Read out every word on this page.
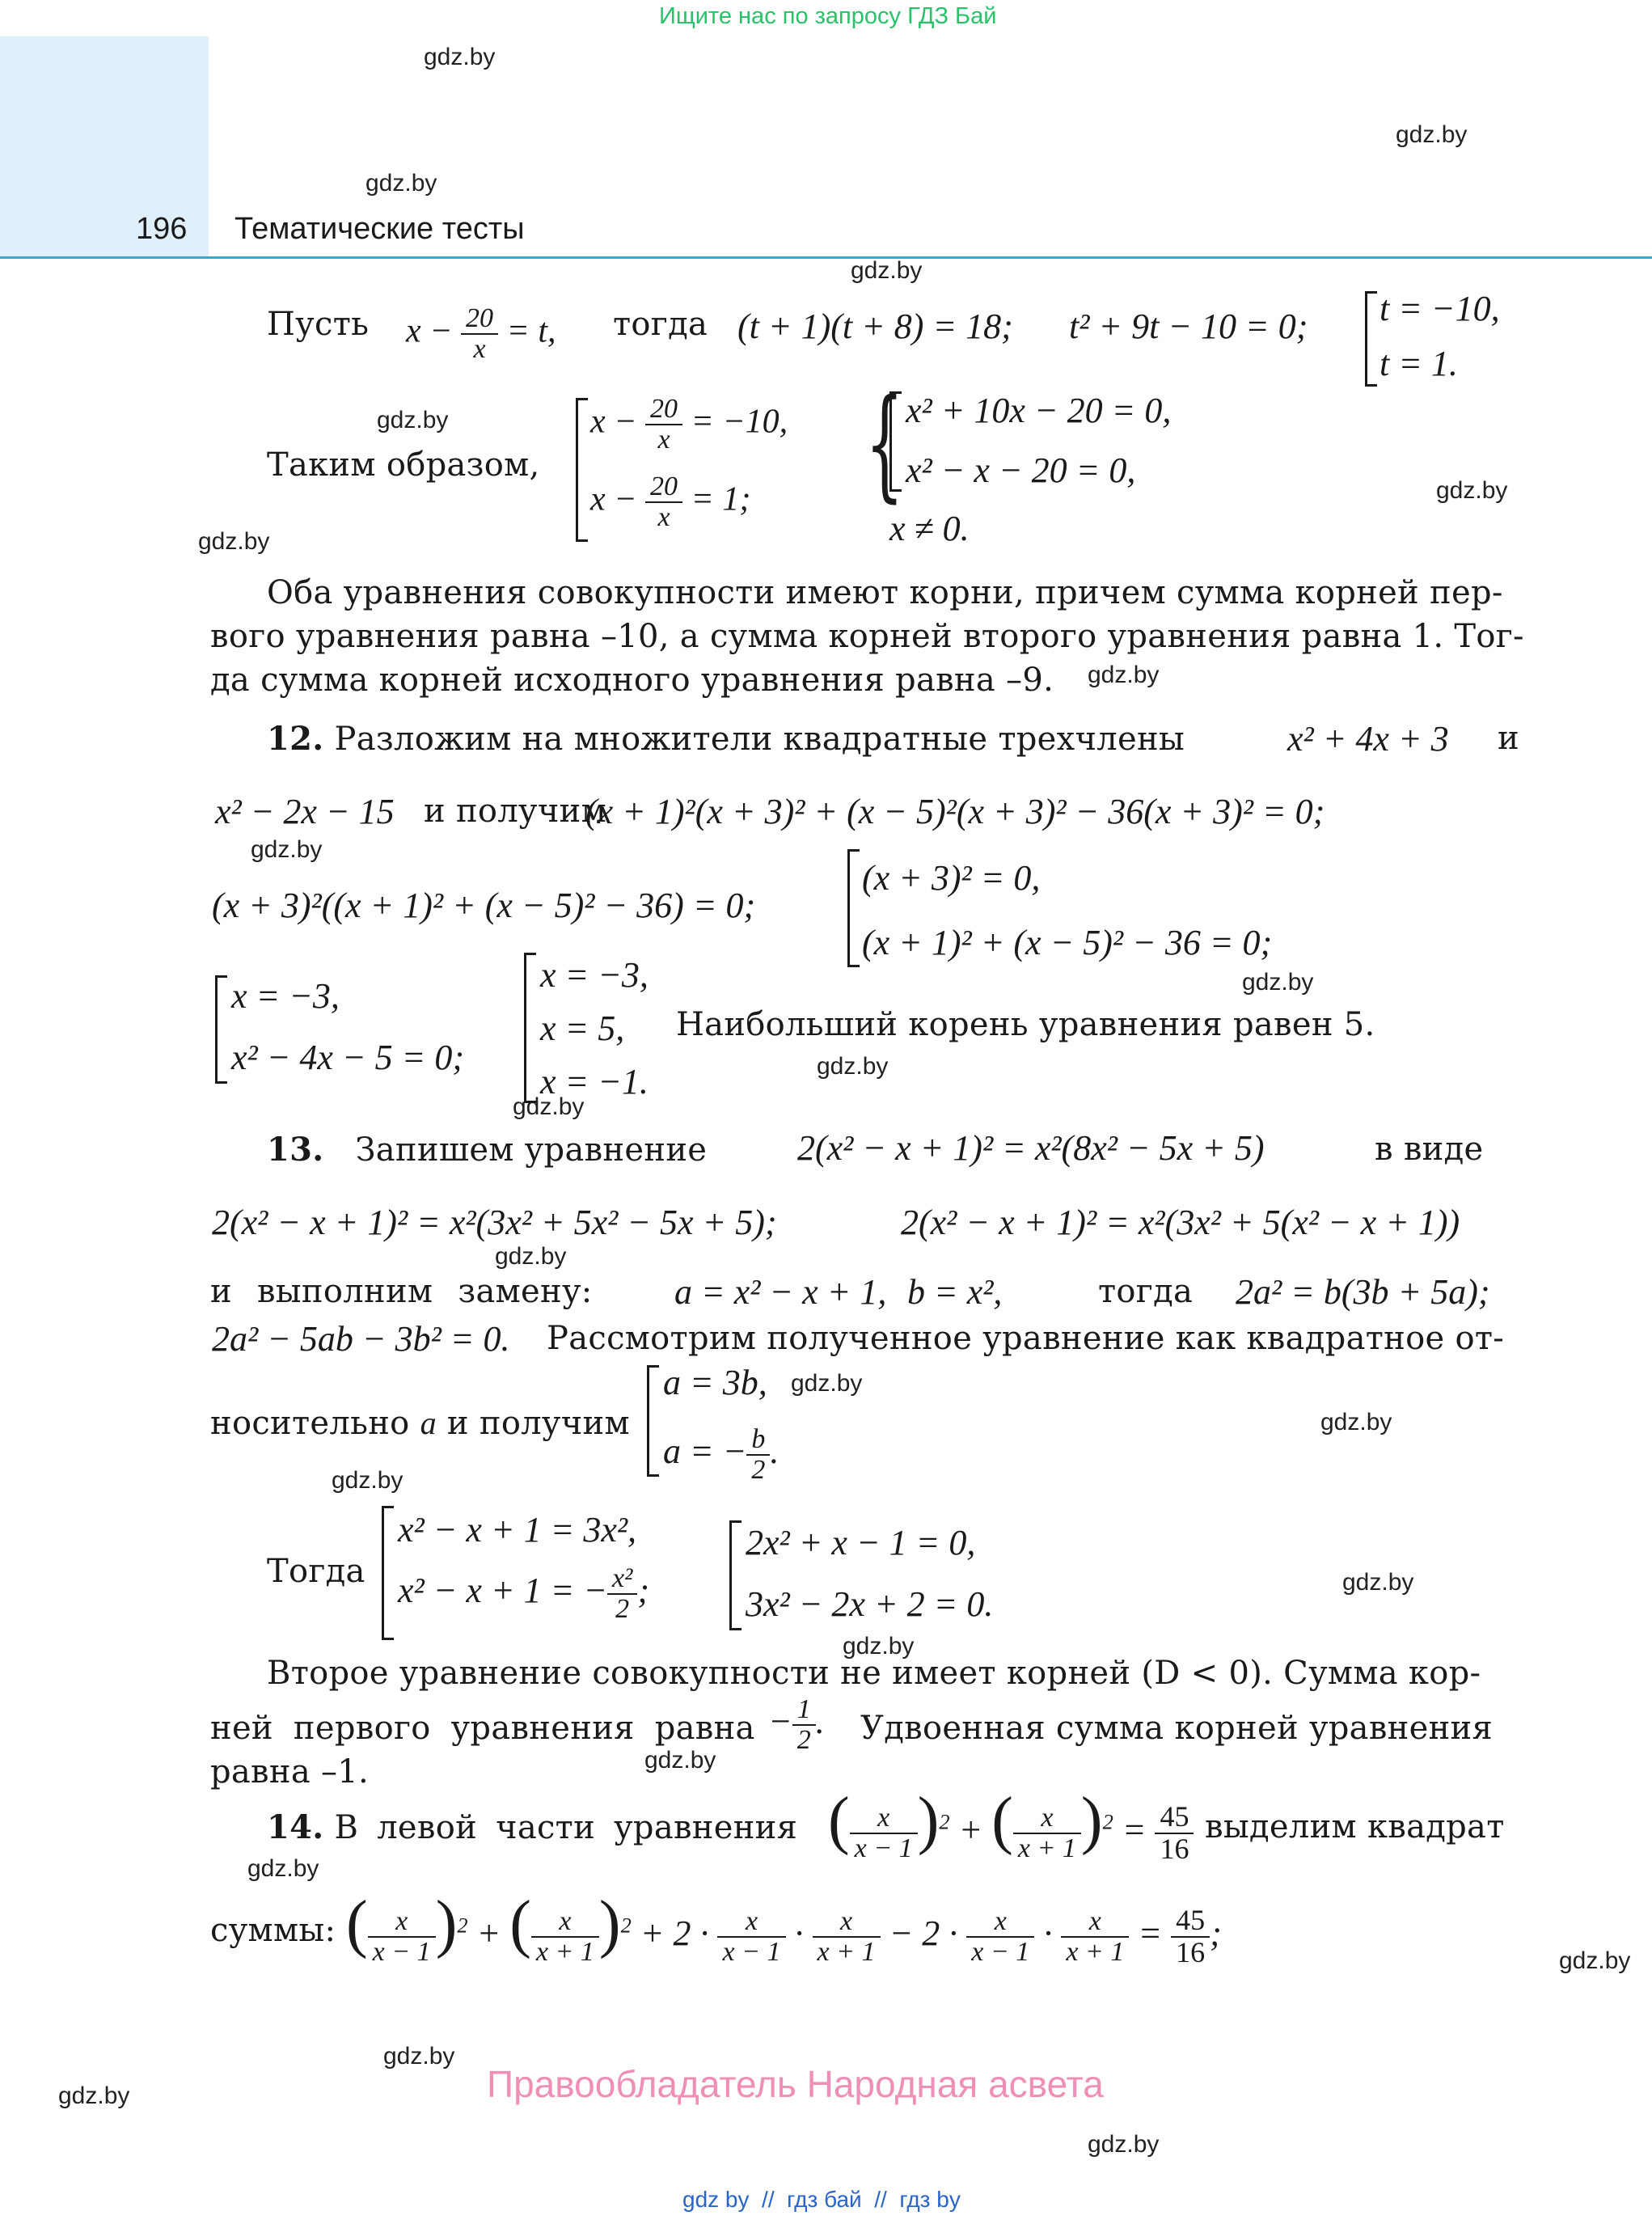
Ищите нас по запросу ГДЗ Бай
196 Тематические тесты
gdz.by
gdz.by
gdz.by
gdz.by
gdz.by
gdz.by
gdz.by
gdz.by
gdz.by
gdz.by
gdz.by
gdz.by
gdz.by
gdz.by
gdz.by
gdz.by
gdz.by
gdz.by
gdz.by
gdz.by
gdz.by
gdz.by
gdz.by
gdz.by
Пусть $x - \frac{20}{x} = t$, тогда (t + 1)(t + 8) = 18; t² + 9t − 10 = 0; t = −10,
t = 1.
Таким образом,
$x - \frac{20}{x} = -10$,
$x - \frac{20}{x} = 1$; { x² + 10x − 20 = 0,
x² − x − 20 = 0,
x ≠ 0.
Оба уравнения совокупности имеют корни, причем сумма корней пер-
вого уравнения равна –10, а сумма корней второго уравнения равна 1. Тог-
да сумма корней исходного уравнения равна –9.
12. Разложим на множители квадратные трехчлены	x² + 4x + 3 и
x² − 2x − 15 и получим
(x + 1)²(x + 3)² + (x − 5)²(x + 3)² − 36(x + 3)² = 0;
(x + 3)²((x + 1)² + (x − 5)² − 36) = 0;
(x + 3)² = 0,
(x + 1)² + (x − 5)² − 36 = 0;
x = −3,
x² − 4x − 5 = 0;
x = −3,
x = 5,
x = −1.
Наибольший корень уравнения равен 5.
13. Запишем уравнение	2(x² − x + 1)² = x²(8x² − 5x + 5)	в виде
2(x² − x + 1)² = x²(3x² + 5x² − 5x + 5);	2(x² − x + 1)² = x²(3x² + 5(x² − x + 1))
и выполним замену: a = x² − x + 1, b = x²,	тогда 2a² = b(3b + 5a);
2a² − 5ab − 3b² = 0. Рассмотрим полученное уравнение как квадратное от-
носительно a и получим
a = 3b,
a = − $\frac{b}{2}$ .
Тогда
x² − x + 1 = 3x²,
x² − x + 1 = − $\frac{\text{x²}}{2}$ ;
2x² + x − 1 = 0,
3x² − 2x + 2 = 0.
Второе уравнение совокупности не имеет корней (D < 0). Сумма кор-
ней первого уравнения равна − $\frac{1}{2}$ . Удвоенная сумма корней уравнения
равна –1.
14. В левой части уравнения ( $\frac{x}{x - 1} )^2$ + ( $\frac{x}{x + 1} )^2 = \frac{45}{16}$ выделим квадрат
суммы: ( $\frac{x}{x - 1} )^2$ + ( $\frac{x}{x + 1} )^2 + 2 \cdot \frac{x}{x - 1} \cdot \frac{x}{x + 1} - 2 \cdot \frac{x}{x - 1} \cdot \frac{x}{x + 1} = \frac{45}{16}$ ;
Правообладатель Народная асвета
gdz by  //  гдз бай  //  гдз by
